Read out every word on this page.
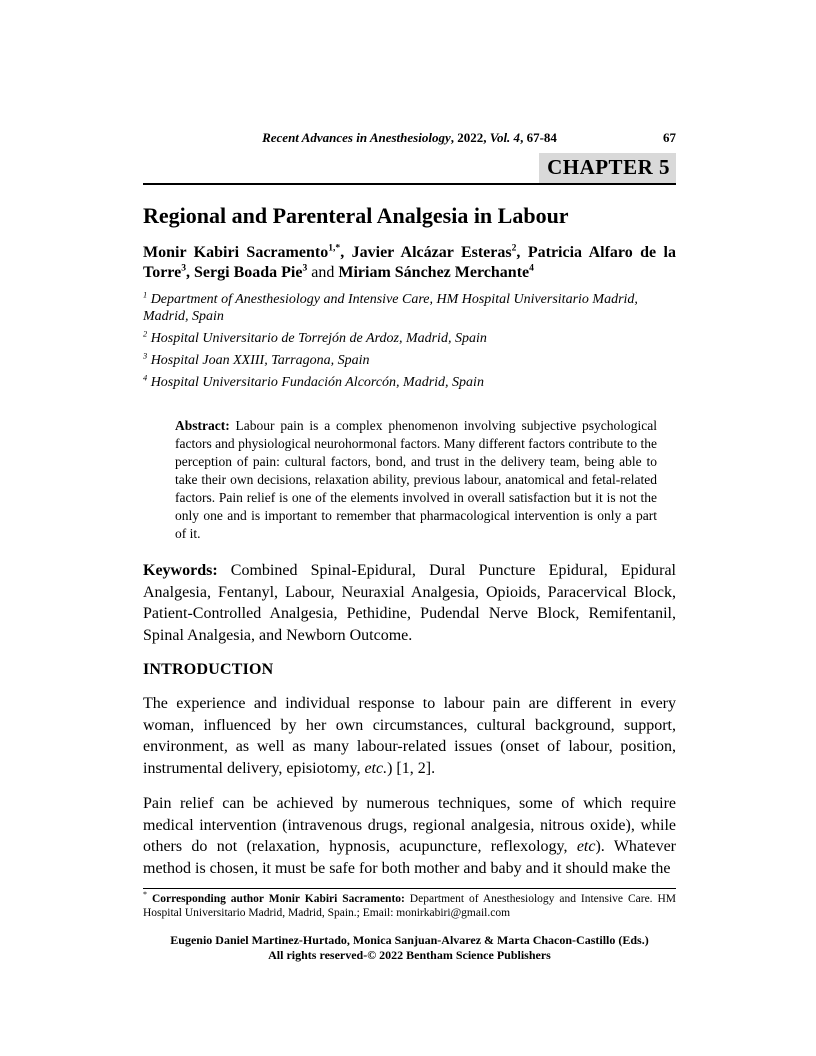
Recent Advances in Anesthesiology, 2022, Vol. 4, 67-84	67
CHAPTER 5
Regional and Parenteral Analgesia in Labour
Monir Kabiri Sacramento$^{1,*}$, Javier Alcázar Esteras$^2$, Patricia Alfaro de la Torre$^3$, Sergi Boada Pie$^3$ and Miriam Sánchez Merchante$^4$

$^1$ Department of Anesthesiology and Intensive Care, HM Hospital Universitario Madrid, Madrid, Spain

$^2$ Hospital Universitario de Torrejón de Ardoz, Madrid, Spain

$^3$ Hospital Joan XXIII, Tarragona, Spain

$^4$ Hospital Universitario Fundación Alcorcón, Madrid, Spain

Abstract: Labour pain is a complex phenomenon involving subjective psychological factors and physiological neurohormonal factors. Many different factors contribute to the perception of pain: cultural factors, bond, and trust in the delivery team, being able to take their own decisions, relaxation ability, previous labour, anatomical and fetal-related factors. Pain relief is one of the elements involved in overall satisfaction but it is not the only one and is important to remember that pharmacological intervention is only a part of it.
Keywords: Combined Spinal-Epidural, Dural Puncture Epidural, Epidural Analgesia, Fentanyl, Labour, Neuraxial Analgesia, Opioids, Paracervical Block, Patient-Controlled Analgesia, Pethidine, Pudendal Nerve Block, Remifentanil, Spinal Analgesia, and Newborn Outcome.
INTRODUCTION
The experience and individual response to labour pain are different in every woman, influenced by her own circumstances, cultural background, support, environment, as well as many labour-related issues (onset of labour, position, instrumental delivery, episiotomy, etc.) [1, 2].
Pain relief can be achieved by numerous techniques, some of which require medical intervention (intravenous drugs, regional analgesia, nitrous oxide), while others do not (relaxation, hypnosis, acupuncture, reflexology, etc). Whatever method is chosen, it must be safe for both mother and baby and it should make the
* Corresponding author Monir Kabiri Sacramento: Department of Anesthesiology and Intensive Care. HM Hospital Universitario Madrid, Madrid, Spain.; Email: monirkabiri@gmail.com
Eugenio Daniel Martinez-Hurtado, Monica Sanjuan-Alvarez & Marta Chacon-Castillo (Eds.)
All rights reserved-© 2022 Bentham Science Publishers
